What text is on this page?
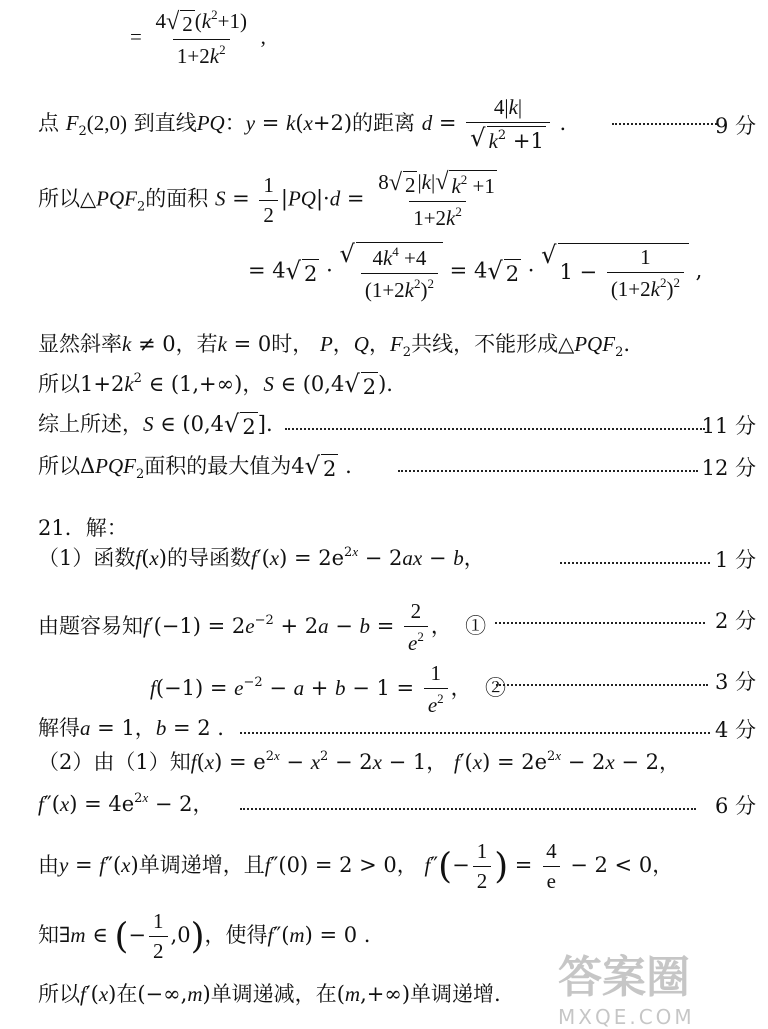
= $\frac{4 √ 2 (k^2+1)}{1+2k^2}$ ,
点 $F_2(2,0)$ 到直线PQ：y = k(x+2)的距离 $d = \frac{4|k|}{√ k^2 +1}$ .	9 分
所以$\triangle PQF_2$的面积 $S = \frac{1}{2} |PQ|\cdot d = \frac{8 √ 2 |k| √ k^2 +1}{1+2k^2}$
= 4 √ 2 ·
√ $\frac{4k^4 +4}{(1+2k^2)^2} = 4$ √ 2 ·
√
$1 - \frac{1}{(1+2k^2)^2}$ ,
显然斜率k ≠ 0，若k = 0时， P，Q，$F_2$共线，不能形成$\triangle PQF_2$.
所以$1+2k^2$ ∈ (1,+∞)，S ∈ (0,4 √ 2 ).
综上所述，S ∈ (0,4 √ 2 ].	11 分
所以$\Delta PQF_2$面积的最大值为4 √ 2 .	12 分
21．解：
（1）函数f(x)的导函数$f'(x) = 2e^{2x} - 2ax - b$，	1 分
由题容易知$f'(-1) = 2e^{-2} + 2a - b = \frac{2}{e^2}$ ，  ①	2 分
$f(-1) = e^{-2} - a + b - 1 = \frac{1}{e^2}$ ，  ②	3 分
解得a = 1，b = 2 .	4 分
（2）由（1）知$f(x) = e^{2x} - x^2 - 2x - 1$， $f'(x) = 2e^{2x} - 2x - 2$，
$f''(x) = 4e^{2x} - 2$，	6 分
由y = f″(x)单调递增，且f″(0) = 2 > 0， $f''(- \frac{1}{2}$ ) = $\frac{4}{e} - 2 < 0$，
知∃m ∈ (− $\frac{1}{2} ,0$)，使得f″(m) = 0 .
所以f′(x)在(−∞,m)单调递减，在(m,+∞)单调递增. 答案圈
MXQE.COM
